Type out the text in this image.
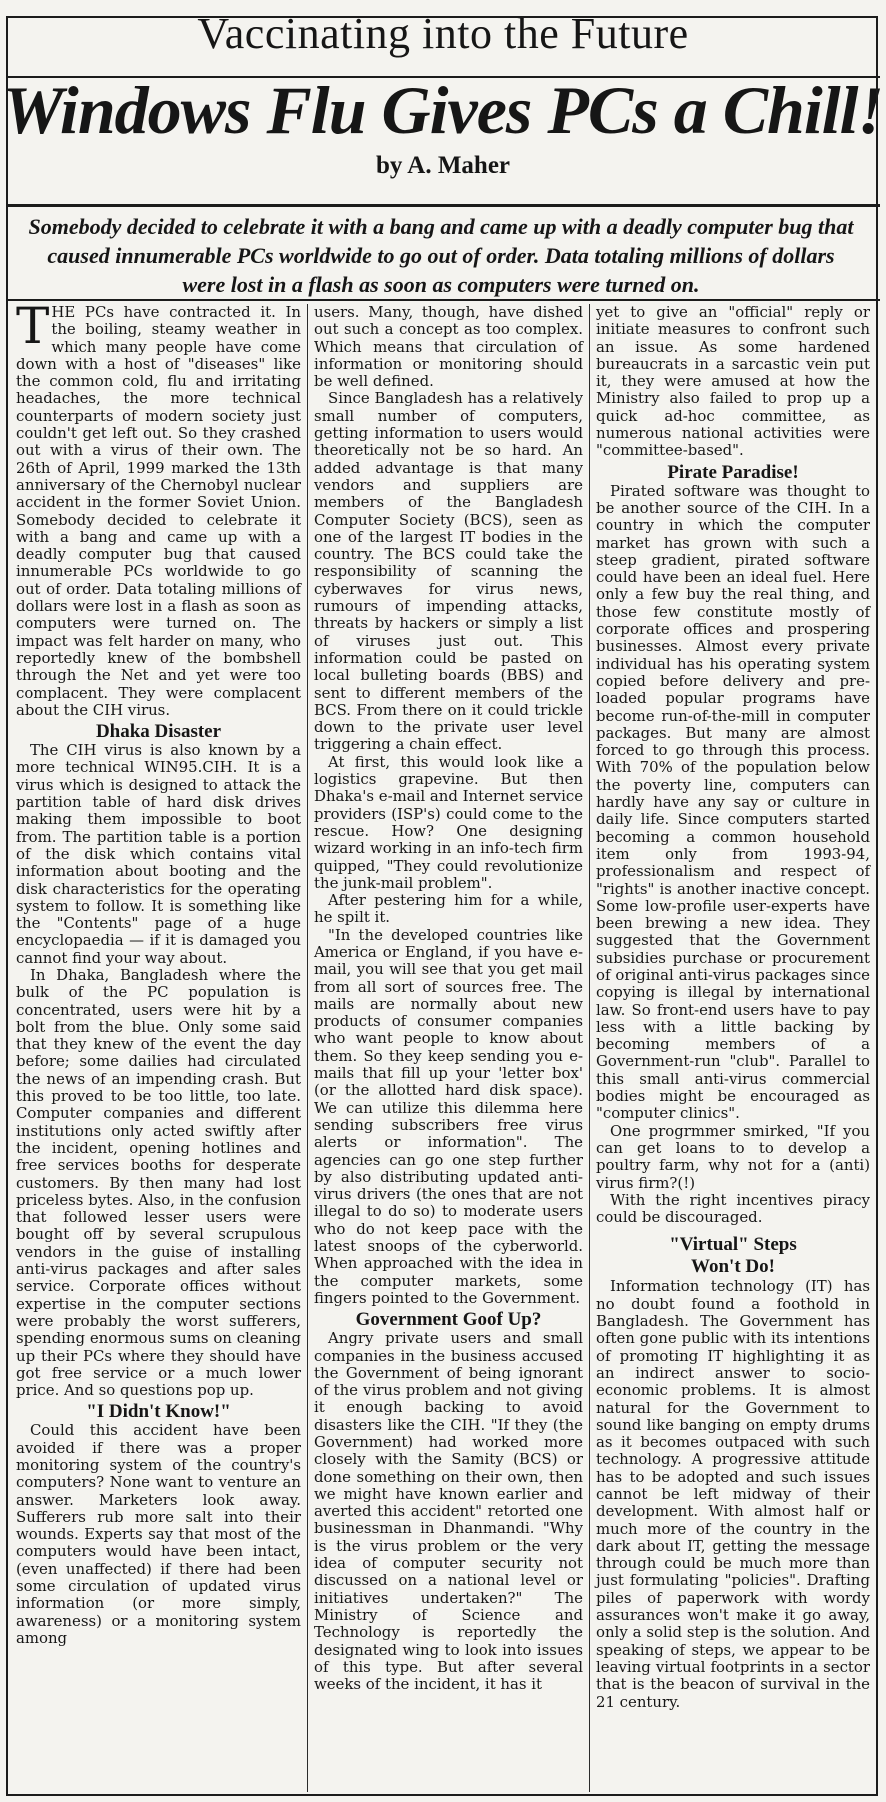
Vaccinating into the Future
Windows Flu Gives PCs a Chill!
by A. Maher
Somebody decided to celebrate it with a bang and came up with a deadly computer bug that caused innumerable PCs worldwide to go out of order. Data totaling millions of dollars were lost in a flash as soon as computers were turned on.

THE PCs have contracted it. In the boiling, steamy weather in which many people have come down with a host of "diseases" like the common cold, flu and irritating headaches, the more technical counterparts of modern society just couldn't get left out. So they crashed out with a virus of their own. The 26th of April, 1999 marked the 13th anniversary of the Chernobyl nuclear accident in the former Soviet Union. Somebody decided to celebrate it with a bang and came up with a deadly computer bug that caused innumerable PCs worldwide to go out of order. Data totaling millions of dollars were lost in a flash as soon as computers were turned on. The impact was felt harder on many, who reportedly knew of the bombshell through the Net and yet were too complacent. They were complacent about the CIH virus.

Dhaka Disaster

The CIH virus is also known by a more technical WIN95.CIH. It is a virus which is designed to attack the partition table of hard disk drives making them impossible to boot from. The partition table is a portion of the disk which contains vital information about booting and the disk characteristics for the operating system to follow. It is something like the "Contents" page of a huge encyclopaedia — if it is damaged you cannot find your way about.

In Dhaka, Bangladesh where the bulk of the PC population is concentrated, users were hit by a bolt from the blue. Only some said that they knew of the event the day before; some dailies had circulated the news of an impending crash. But this proved to be too little, too late. Computer companies and different institutions only acted swiftly after the incident, opening hotlines and free services booths for desperate customers. By then many had lost priceless bytes. Also, in the confusion that followed lesser users were bought off by several scrupulous vendors in the guise of installing anti-virus packages and after sales service. Corporate offices without expertise in the computer sections were probably the worst sufferers, spending enormous sums on cleaning up their PCs where they should have got free service or a much lower price. And so questions pop up.

"I Didn't Know!"

Could this accident have been avoided if there was a proper monitoring system of the country's computers? None want to venture an answer. Marketers look away. Sufferers rub more salt into their wounds. Experts say that most of the computers would have been intact, (even unaffected) if there had been some circulation of updated virus information (or more simply, awareness) or a monitoring system among

users. Many, though, have dished out such a concept as too complex. Which means that circulation of information or monitoring should be well defined.

Since Bangladesh has a relatively small number of computers, getting information to users would theoretically not be so hard. An added advantage is that many vendors and suppliers are members of the Bangladesh Computer Society (BCS), seen as one of the largest IT bodies in the country. The BCS could take the responsibility of scanning the cyberwaves for virus news, rumours of impending attacks, threats by hackers or simply a list of viruses just out. This information could be pasted on local bulleting boards (BBS) and sent to different members of the BCS. From there on it could trickle down to the private user level triggering a chain effect.

At first, this would look like a logistics grapevine. But then Dhaka's e-mail and Internet service providers (ISP's) could come to the rescue. How? One designing wizard working in an info-tech firm quipped, "They could revolutionize the junk-mail problem".

After pestering him for a while, he spilt it.

"In the developed countries like America or England, if you have e-mail, you will see that you get mail from all sort of sources free. The mails are normally about new products of consumer companies who want people to know about them. So they keep sending you e-mails that fill up your 'letter box' (or the allotted hard disk space). We can utilize this dilemma here sending subscribers free virus alerts or information". The agencies can go one step further by also distributing updated anti-virus drivers (the ones that are not illegal to do so) to moderate users who do not keep pace with the latest snoops of the cyberworld. When approached with the idea in the computer markets, some fingers pointed to the Government.

Government Goof Up?

Angry private users and small companies in the business accused the Government of being ignorant of the virus problem and not giving it enough backing to avoid disasters like the CIH. "If they (the Government) had worked more closely with the Samity (BCS) or done something on their own, then we might have known earlier and averted this accident" retorted one businessman in Dhanmandi. "Why is the virus problem or the very idea of computer security not discussed on a national level or initiatives undertaken?" The Ministry of Science and Technology is reportedly the designated wing to look into issues of this type. But after several weeks of the incident, it has it

yet to give an "official" reply or initiate measures to confront such an issue. As some hardened bureaucrats in a sarcastic vein put it, they were amused at how the Ministry also failed to prop up a quick ad-hoc committee, as numerous national activities were "committee-based".

Pirate Paradise!

Pirated software was thought to be another source of the CIH. In a country in which the computer market has grown with such a steep gradient, pirated software could have been an ideal fuel. Here only a few buy the real thing, and those few constitute mostly of corporate offices and prospering businesses. Almost every private individual has his operating system copied before delivery and pre-loaded popular programs have become run-of-the-mill in computer packages. But many are almost forced to go through this process. With 70% of the population below the poverty line, computers can hardly have any say or culture in daily life. Since computers started becoming a common household item only from 1993-94, professionalism and respect of "rights" is another inactive concept. Some low-profile user-experts have been brewing a new idea. They suggested that the Government subsidies purchase or procurement of original anti-virus packages since copying is illegal by international law. So front-end users have to pay less with a little backing by becoming members of a Government-run "club". Parallel to this small anti-virus commercial bodies might be encouraged as "computer clinics".

One progrmmer smirked, "If you can get loans to to develop a poultry farm, why not for a (anti) virus firm?(!)

With the right incentives piracy could be discouraged.

"Virtual" Steps
Won't Do!

Information technology (IT) has no doubt found a foothold in Bangladesh. The Government has often gone public with its intentions of promoting IT highlighting it as an indirect answer to socio-economic problems. It is almost natural for the Government to sound like banging on empty drums as it becomes outpaced with such technology. A progressive attitude has to be adopted and such issues cannot be left midway of their development. With almost half or much more of the country in the dark about IT, getting the message through could be much more than just formulating "policies". Drafting piles of paperwork with wordy assurances won't make it go away, only a solid step is the solution. And speaking of steps, we appear to be leaving virtual footprints in a sector that is the beacon of survival in the 21 century.
